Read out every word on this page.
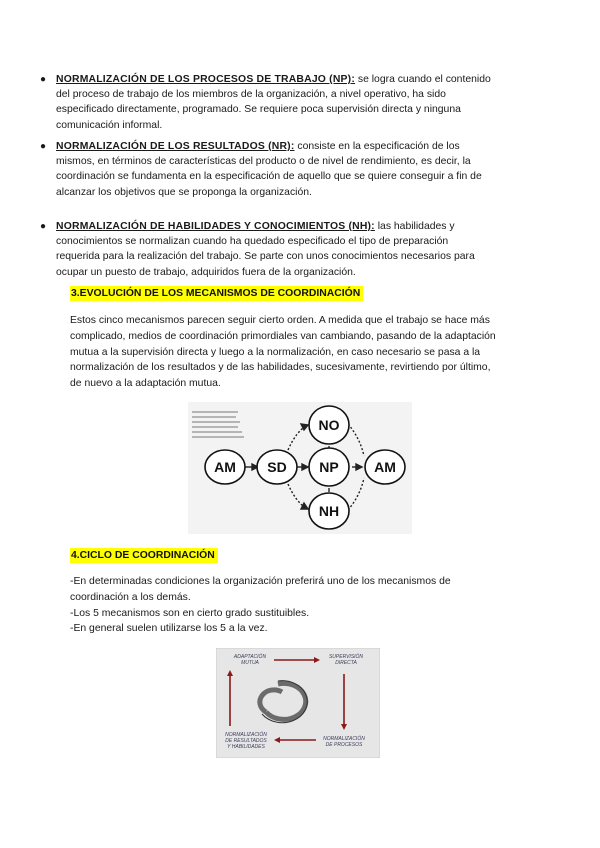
● NORMALIZACIÓN DE LOS PROCESOS DE TRABAJO (NP): se logra cuando el contenido
del proceso de trabajo de los miembros de la organización, a nivel operativo, ha sido
especificado directamente, programado. Se requiere poca supervisión directa y ninguna
comunicación informal.
● NORMALIZACIÓN DE LOS RESULTADOS (NR): consiste en la especificación de los
mismos, en términos de características del producto o de nivel de rendimiento, es decir, la
coordinación se fundamenta en la especificación de aquello que se quiere conseguir a fin de
alcanzar los objetivos que se proponga la organización.
● NORMALIZACIÓN DE HABILIDADES Y CONOCIMIENTOS (NH): las habilidades y
conocimientos se normalizan cuando ha quedado especificado el tipo de preparación
requerida para la realización del trabajo. Se parte con unos conocimientos necesarios para
ocupar un puesto de trabajo, adquiridos fuera de la organización.
3.EVOLUCIÓN DE LOS MECANISMOS DE COORDINACIÓN
Estos cinco mecanismos parecen seguir cierto orden. A medida que el trabajo se hace más
complicado, medios de coordinación primordiales van cambiando, pasando de la adaptación
mutua a la supervisión directa y luego a la normalización, en caso necesario se pasa a la
normalización de los resultados y de las habilidades, sucesivamente, revirtiendo por último,
de nuevo a la adaptación mutua.
AM SD NP	AM
NO
NH
4.CICLO DE COORDINACIÓN
-En determinadas condiciones la organización preferirá uno de los mecanismos de
coordinación a los demás.
-Los 5 mecanismos son en cierto grado sustituibles.
-En general suelen utilizarse los 5 a la vez.
ADAPTACIÓN
MUTUA
SUPERVISIÓN
DIRECTA
NORMALIZACIÓN
DE RESULTADOS
Y HABILIDADES
NORMALIZACIÓN
DE PROCESOS
